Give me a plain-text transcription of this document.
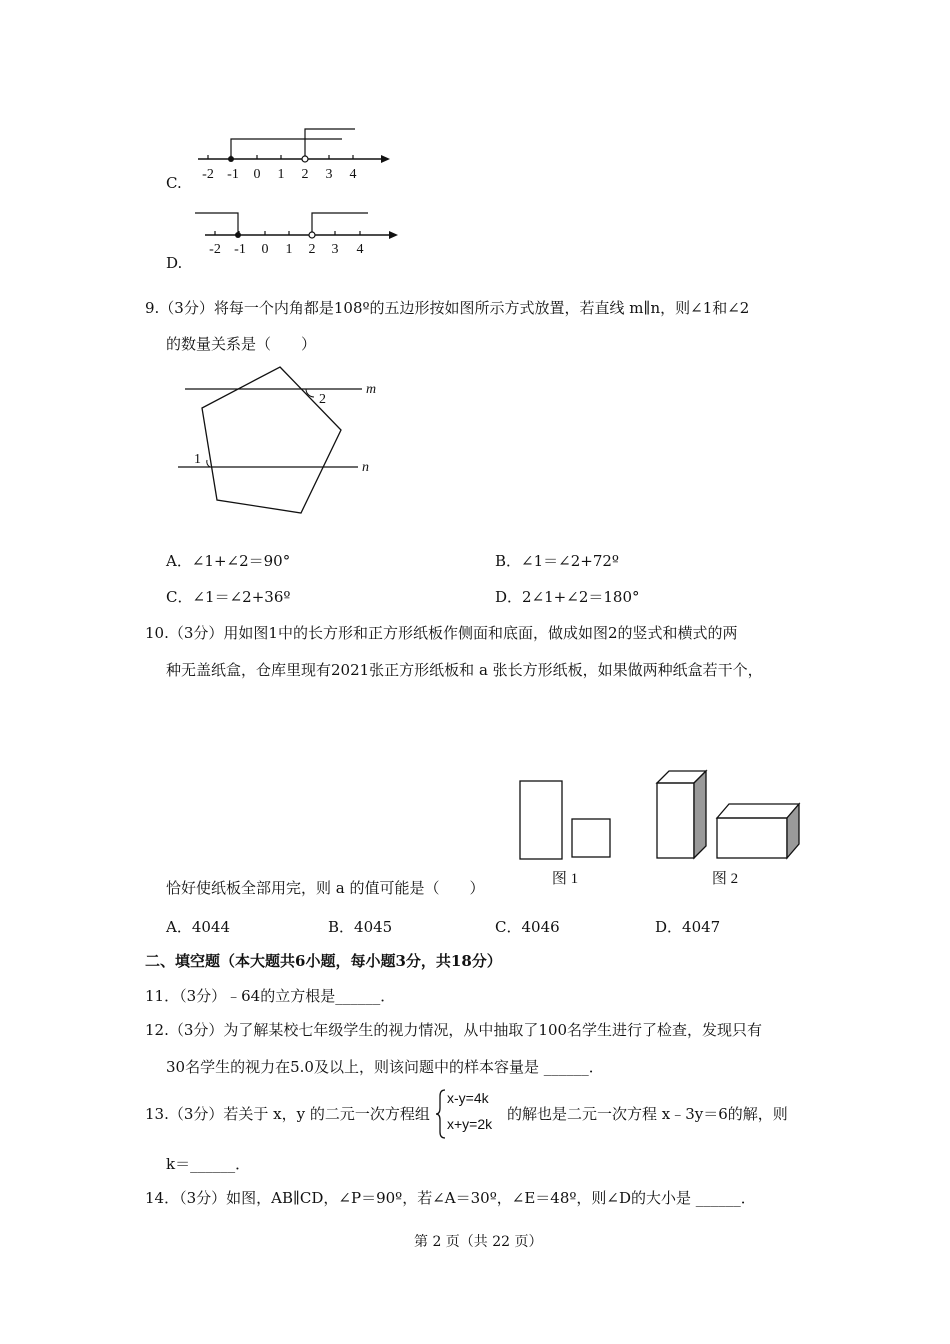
C. -2 -1 0 1 2 3 4
D.
-2 -1 0 1 2 3 4
9.（3分）将每一个内角都是108º的五边形按如图所示方式放置，若直线 m∥n，则∠1和∠2
的数量关系是（　　）
m
n
2
1
A．∠1+∠2＝90°	B．∠1＝∠2+72º
C．∠1＝∠2+36º	D．2∠1+∠2＝180°
10.（3分）用如图1中的长方形和正方形纸板作侧面和底面，做成如图2的竖式和横式的两
种无盖纸盒，仓库里现有2021张正方形纸板和 a 张长方形纸板，如果做两种纸盒若干个，
图 1	图 2
恰好使纸板全部用完，则 a 的值可能是（　　）
A．4044	B．4045	C．4046	D．4047
二、填空题（本大题共6小题，每小题3分，共18分）
11．（3分）﹣64的立方根是______．
12.（3分）为了解某校七年级学生的视力情况，从中抽取了100名学生进行了检查，发现只有
30名学生的视力在5.0及以上，则该问题中的样本容量是 ______．
13.（3分）若关于 x，y 的二元一次方程组
x-y=4k
x+y=2k
的解也是二元一次方程 x﹣3y＝6的解，则
k＝______．
14．（3分）如图，AB∥CD，∠P＝90º，若∠A＝30º，∠E＝48º，则∠D的大小是 ______．
第 2 页（共 22 页）
